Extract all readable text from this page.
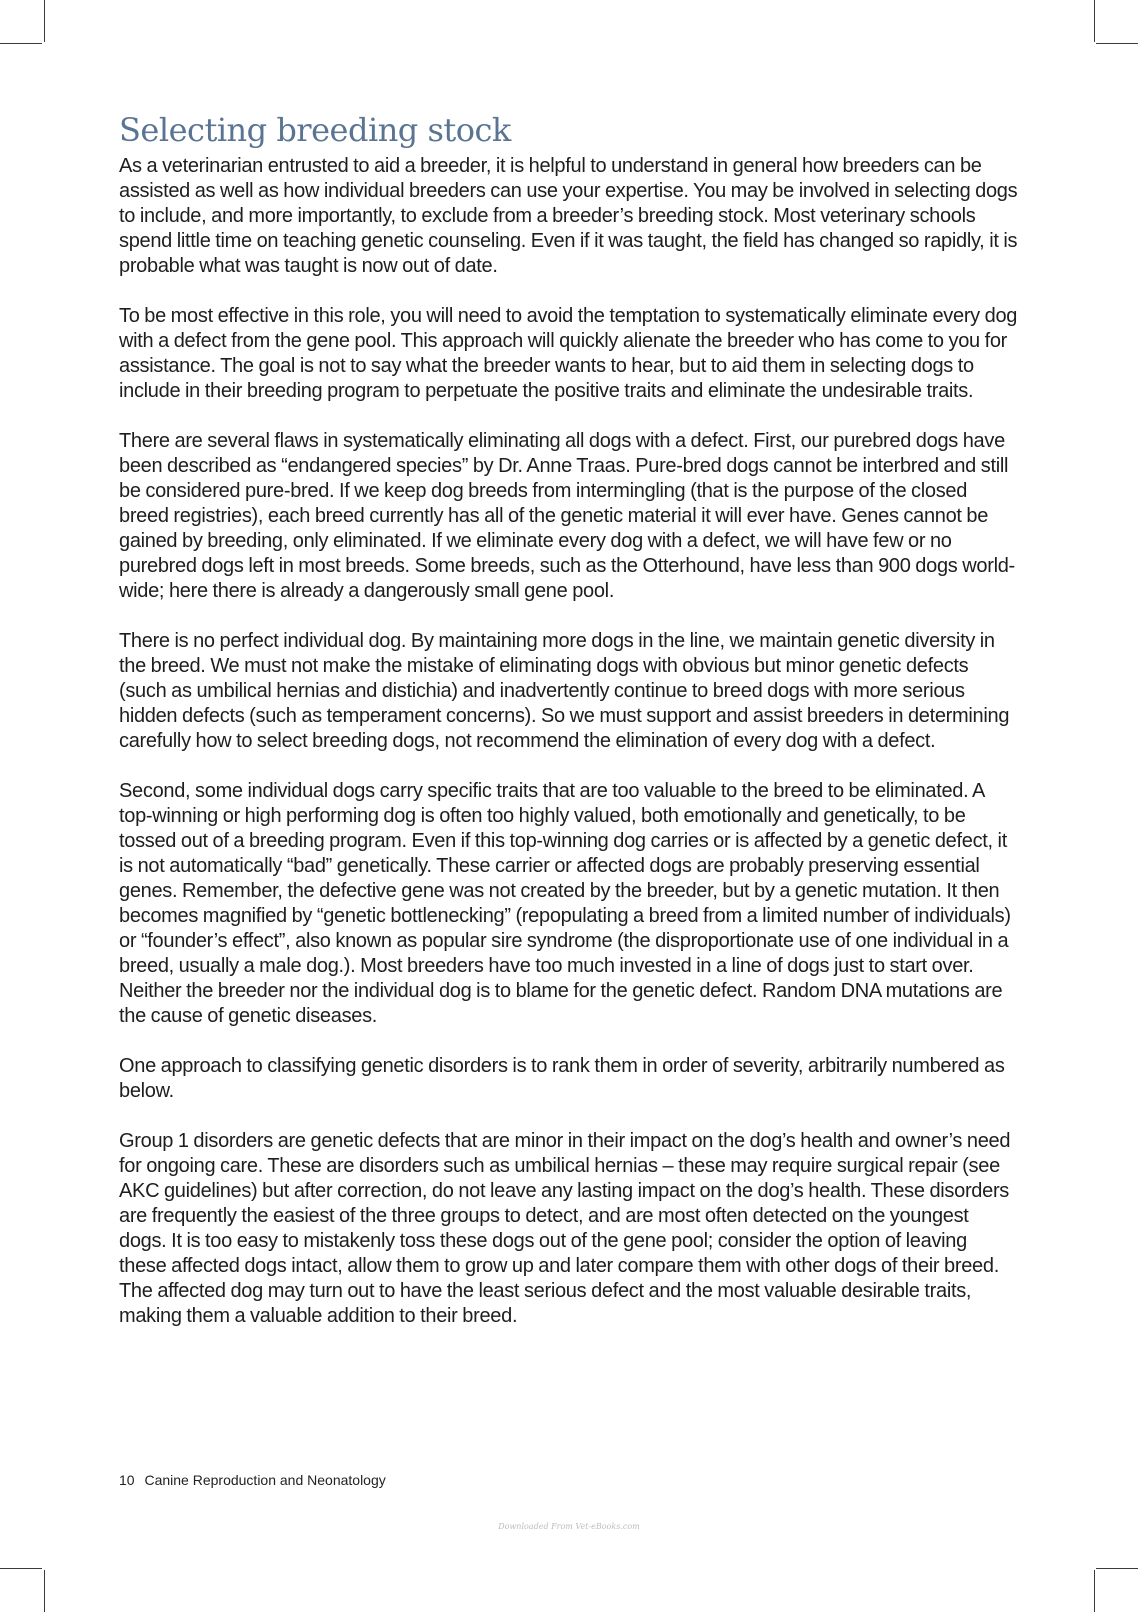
Selecting breeding stock

As a veterinarian entrusted to aid a breeder, it is helpful to understand in general how breeders can be assisted as well as how individual breeders can use your expertise. You may be involved in selecting dogs to include, and more importantly, to exclude from a breeder’s breeding stock. Most veterinary schools spend little time on teaching genetic counseling. Even if it was taught, the field has changed so rapidly, it is probable what was taught is now out of date.

To be most effective in this role, you will need to avoid the temptation to systematically eliminate every dog with a defect from the gene pool. This approach will quickly alienate the breeder who has come to you for assistance. The goal is not to say what the breeder wants to hear, but to aid them in selecting dogs to include in their breeding program to perpetuate the positive traits and eliminate the undesirable traits.

There are several flaws in systematically eliminating all dogs with a defect. First, our purebred dogs have been described as “endangered species” by Dr. Anne Traas. Pure-bred dogs cannot be interbred and still be considered pure-bred. If we keep dog breeds from intermingling (that is the purpose of the closed breed registries), each breed currently has all of the genetic material it will ever have. Genes cannot be gained by breeding, only eliminated. If we eliminate every dog with a defect, we will have few or no purebred dogs left in most breeds. Some breeds, such as the Otterhound, have less than 900 dogs world-wide; here there is already a dangerously small gene pool.

There is no perfect individual dog. By maintaining more dogs in the line, we maintain genetic diversity in the breed. We must not make the mistake of eliminating dogs with obvious but minor genetic defects (such as umbilical hernias and distichia) and inadvertently continue to breed dogs with more serious hidden defects (such as temperament concerns). So we must support and assist breeders in determining carefully how to select breeding dogs, not recommend the elimination of every dog with a defect.

Second, some individual dogs carry specific traits that are too valuable to the breed to be eliminated. A top-winning or high performing dog is often too highly valued, both emotionally and genetically, to be tossed out of a breeding program. Even if this top-winning dog carries or is affected by a genetic defect, it is not automatically “bad” genetically. These carrier or affected dogs are probably preserving essential genes. Remember, the defective gene was not created by the breeder, but by a genetic mutation. It then becomes magnified by “genetic bottlenecking” (repopulating a breed from a limited number of individuals) or “founder’s effect”, also known as popular sire syndrome (the disproportionate use of one individual in a breed, usually a male dog.). Most breeders have too much invested in a line of dogs just to start over. Neither the breeder nor the individual dog is to blame for the genetic defect. Random DNA mutations are the cause of genetic diseases.

One approach to classifying genetic disorders is to rank them in order of severity, arbitrarily numbered as below.

Group 1 disorders are genetic defects that are minor in their impact on the dog’s health and owner’s need for ongoing care. These are disorders such as umbilical hernias – these may require surgical repair (see AKC guidelines) but after correction, do not leave any lasting impact on the dog’s health. These disorders are frequently the easiest of the three groups to detect, and are most often detected on the youngest dogs. It is too easy to mistakenly toss these dogs out of the gene pool; consider the option of leaving these affected dogs intact, allow them to grow up and later compare them with other dogs of their breed. The affected dog may turn out to have the least serious defect and the most valuable desirable traits, making them a valuable addition to their breed.

10 Canine Reproduction and Neonatology
Downloaded From Vet-eBooks.com
